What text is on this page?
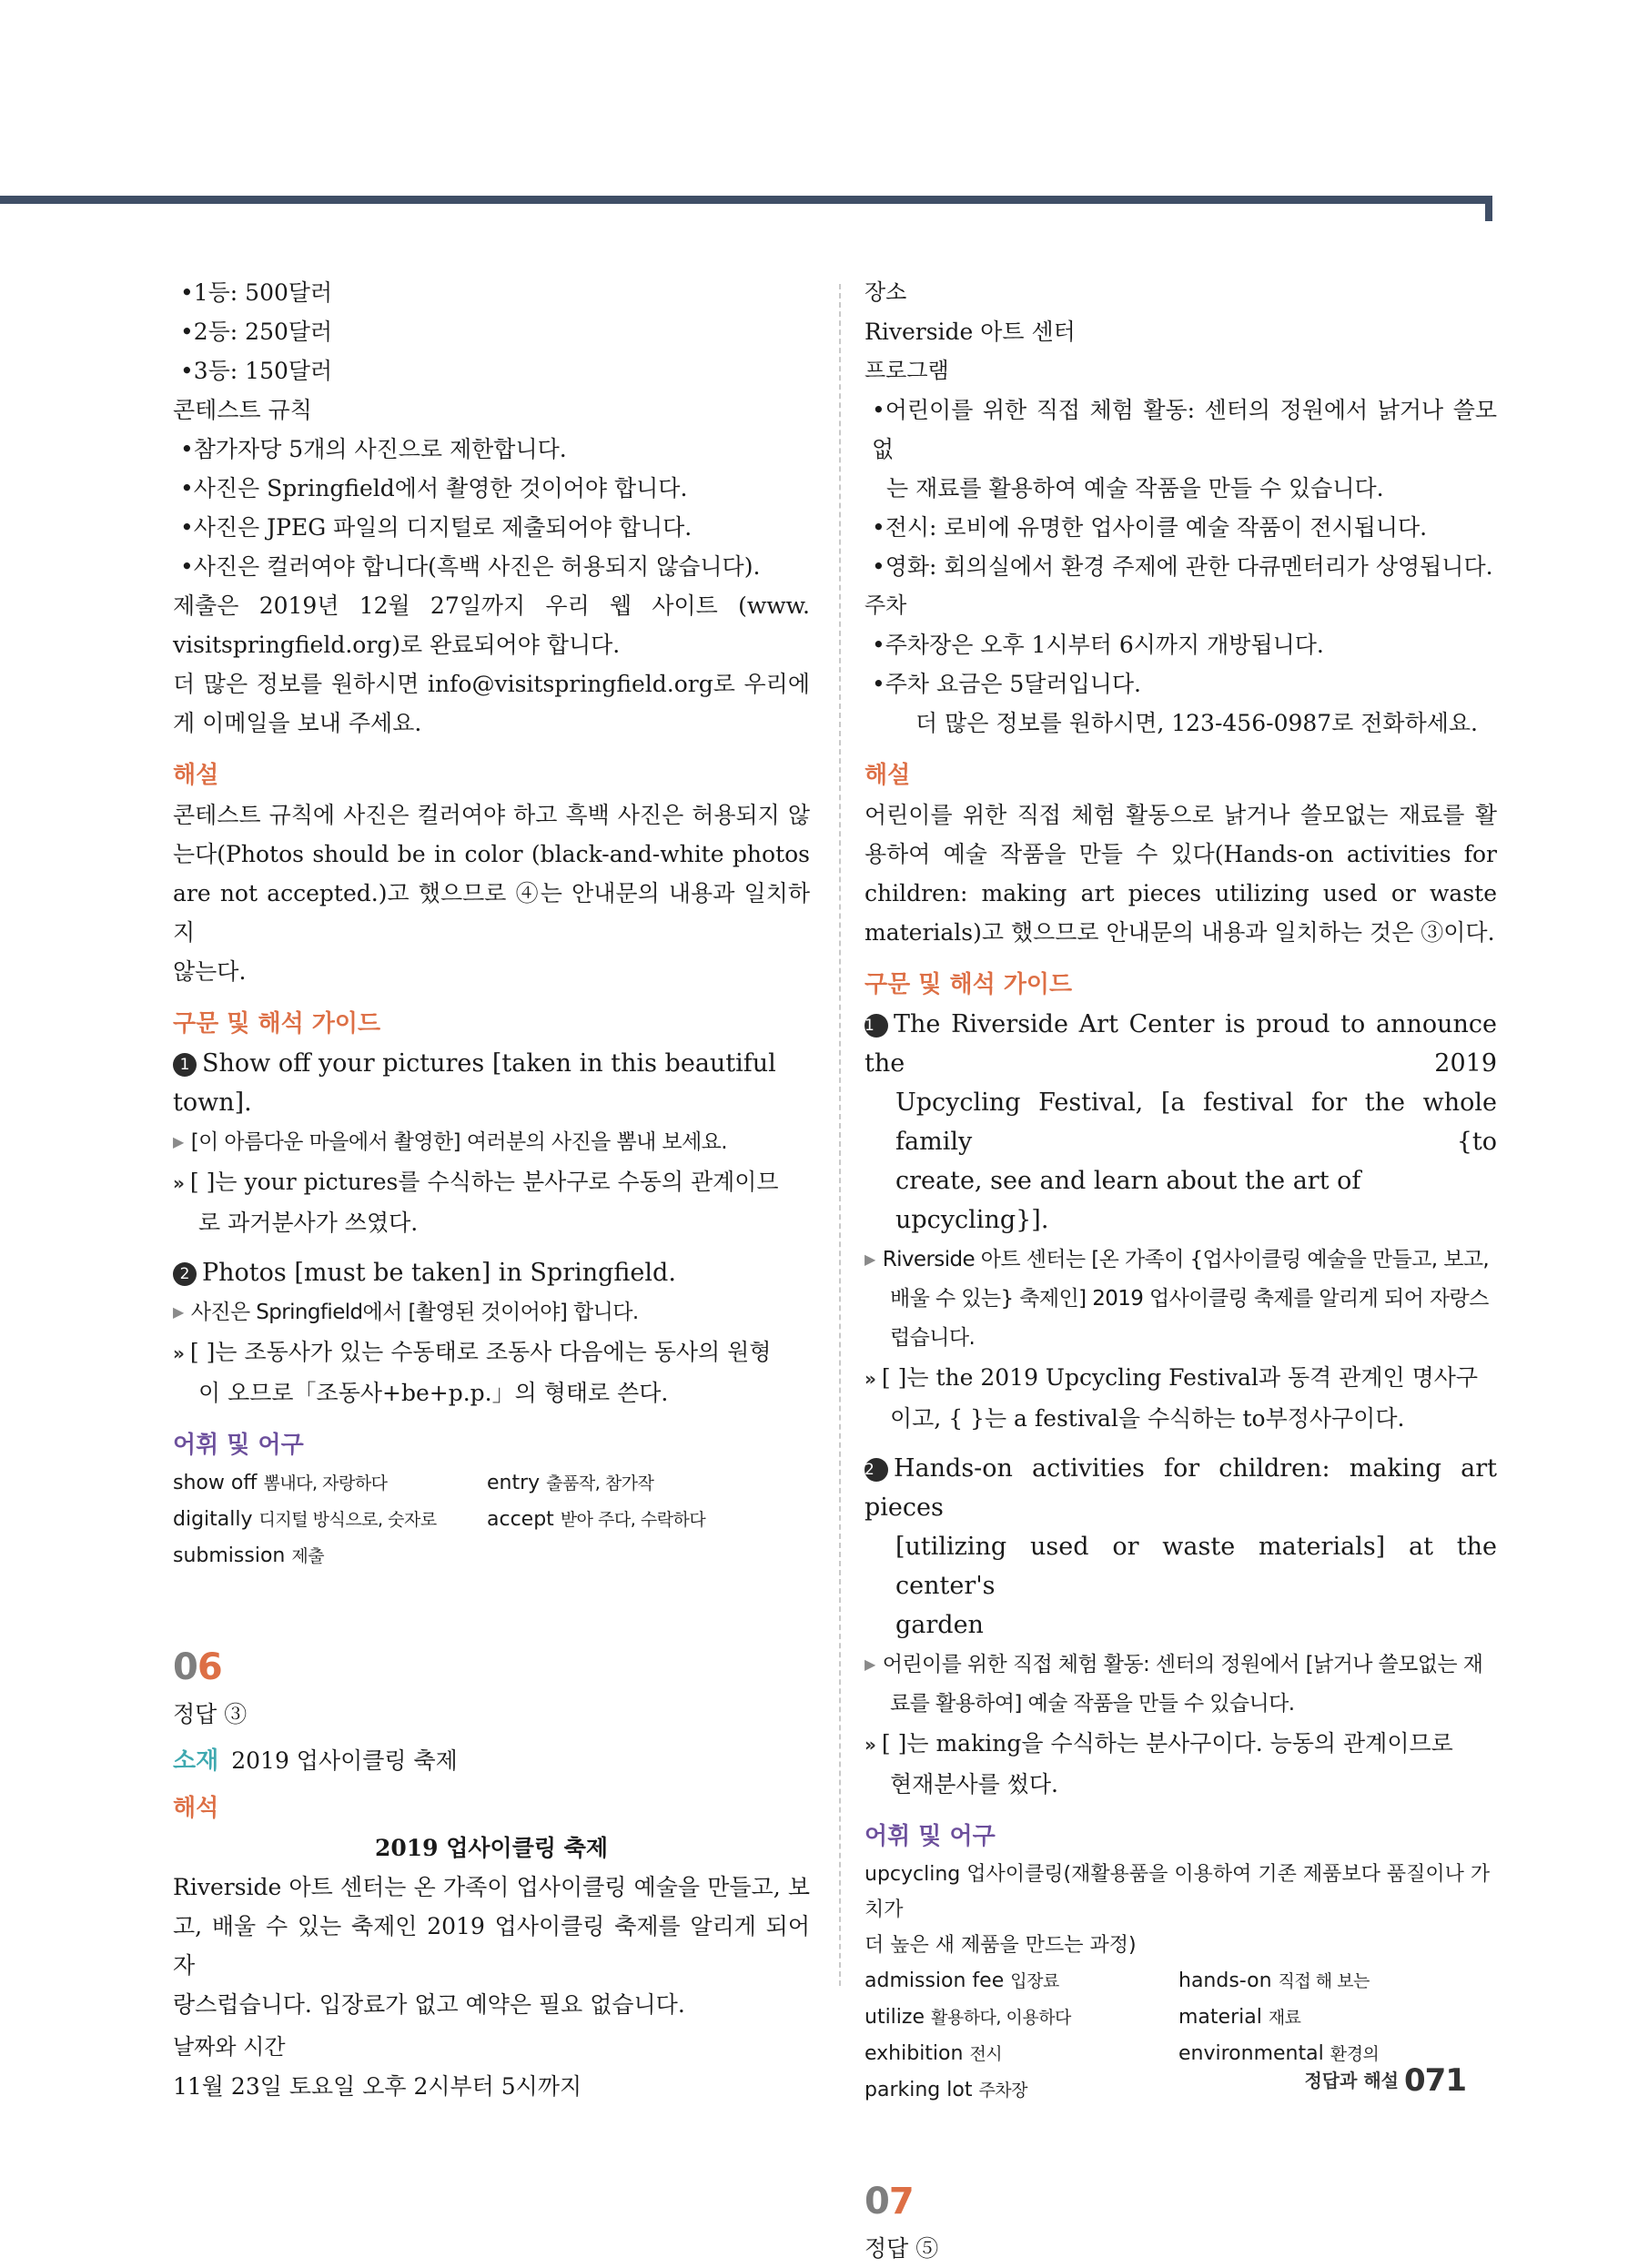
• 1등: 500달러
• 2등: 250달러
• 3등: 150달러
콘테스트 규칙
• 참가자당 5개의 사진으로 제한합니다.
• 사진은 Springfield에서 촬영한 것이어야 합니다.
• 사진은 JPEG 파일의 디지털로 제출되어야 합니다.
• 사진은 컬러여야 합니다(흑백 사진은 허용되지 않습니다).
제출은 2019년 12월 27일까지 우리 웹 사이트 (www.
visitspringfield.org)로 완료되어야 합니다.
더 많은 정보를 원하시면 info@visitspringfield.org로 우리에
게 이메일을 보내 주세요.
해설
콘테스트 규칙에 사진은 컬러여야 하고 흑백 사진은 허용되지 않
는다(Photos should be in color (black-and-white photos
are not accepted.)고 했으므로 ④는 안내문의 내용과 일치하지
않는다.
구문 및 해석 가이드
1 Show off your pictures [taken in this beautiful town].
▶ [이 아름다운 마을에서 촬영한] 여러분의 사진을 뽐내 보세요.
» [ ]는 your pictures를 수식하는 분사구로 수동의 관계이므
로 과거분사가 쓰였다.
2 Photos [must be taken] in Springfield.
▶ 사진은 Springfield에서 [촬영된 것이어야] 합니다.
» [ ]는 조동사가 있는 수동태로 조동사 다음에는 동사의 원형
이 오므로「조동사+be+p.p.」의 형태로 쓴다.
어휘 및 어구
show off 뽐내다, 자랑하다	entry 출품작, 참가작
digitally 디지털 방식으로, 숫자로	accept 받아 주다, 수락하다
submission 제출
06
정답 ③
소재 2019 업사이클링 축제
해석
2019 업사이클링 축제
Riverside 아트 센터는 온 가족이 업사이클링 예술을 만들고, 보
고, 배울 수 있는 축제인 2019 업사이클링 축제를 알리게 되어 자
랑스럽습니다. 입장료가 없고 예약은 필요 없습니다.
날짜와 시간
11월 23일 토요일 오후 2시부터 5시까지
장소
Riverside 아트 센터
프로그램
• 어린이를 위한 직접 체험 활동: 센터의 정원에서 낡거나 쓸모없
는 재료를 활용하여 예술 작품을 만들 수 있습니다.
• 전시: 로비에 유명한 업사이클 예술 작품이 전시됩니다.
• 영화: 회의실에서 환경 주제에 관한 다큐멘터리가 상영됩니다.
주차
• 주차장은 오후 1시부터 6시까지 개방됩니다.
• 주차 요금은 5달러입니다.
더 많은 정보를 원하시면, 123-456-0987로 전화하세요.
해설
어린이를 위한 직접 체험 활동으로 낡거나 쓸모없는 재료를 활
용하여 예술 작품을 만들 수 있다(Hands-on activities for
children: making art pieces utilizing used or waste
materials)고 했으므로 안내문의 내용과 일치하는 것은 ③이다.
구문 및 해석 가이드
1 The Riverside Art Center is proud to announce the 2019
Upcycling Festival, [a festival for the whole family {to
create, see and learn about the art of upcycling}].
▶ Riverside 아트 센터는 [온 가족이 {업사이클링 예술을 만들고, 보고,
배울 수 있는} 축제인] 2019 업사이클링 축제를 알리게 되어 자랑스
럽습니다.
» [ ]는 the 2019 Upcycling Festival과 동격 관계인 명사구
이고, { }는 a festival을 수식하는 to부정사구이다.
2 Hands-on activities for children: making art pieces
[utilizing used or waste materials] at the center's
garden
▶ 어린이를 위한 직접 체험 활동: 센터의 정원에서 [낡거나 쓸모없는 재
료를 활용하여] 예술 작품을 만들 수 있습니다.
» [ ]는 making을 수식하는 분사구이다. 능동의 관계이므로
현재분사를 썼다.
어휘 및 어구
upcycling 업사이클링(재활용품을 이용하여 기존 제품보다 품질이나 가치가
더 높은 새 제품을 만드는 과정)
admission fee 입장료	hands-on 직접 해 보는
utilize 활용하다, 이용하다	material 재료
exhibition 전시	environmental 환경의
parking lot 주차장
07
정답 ⑤
정답과 해설 071
